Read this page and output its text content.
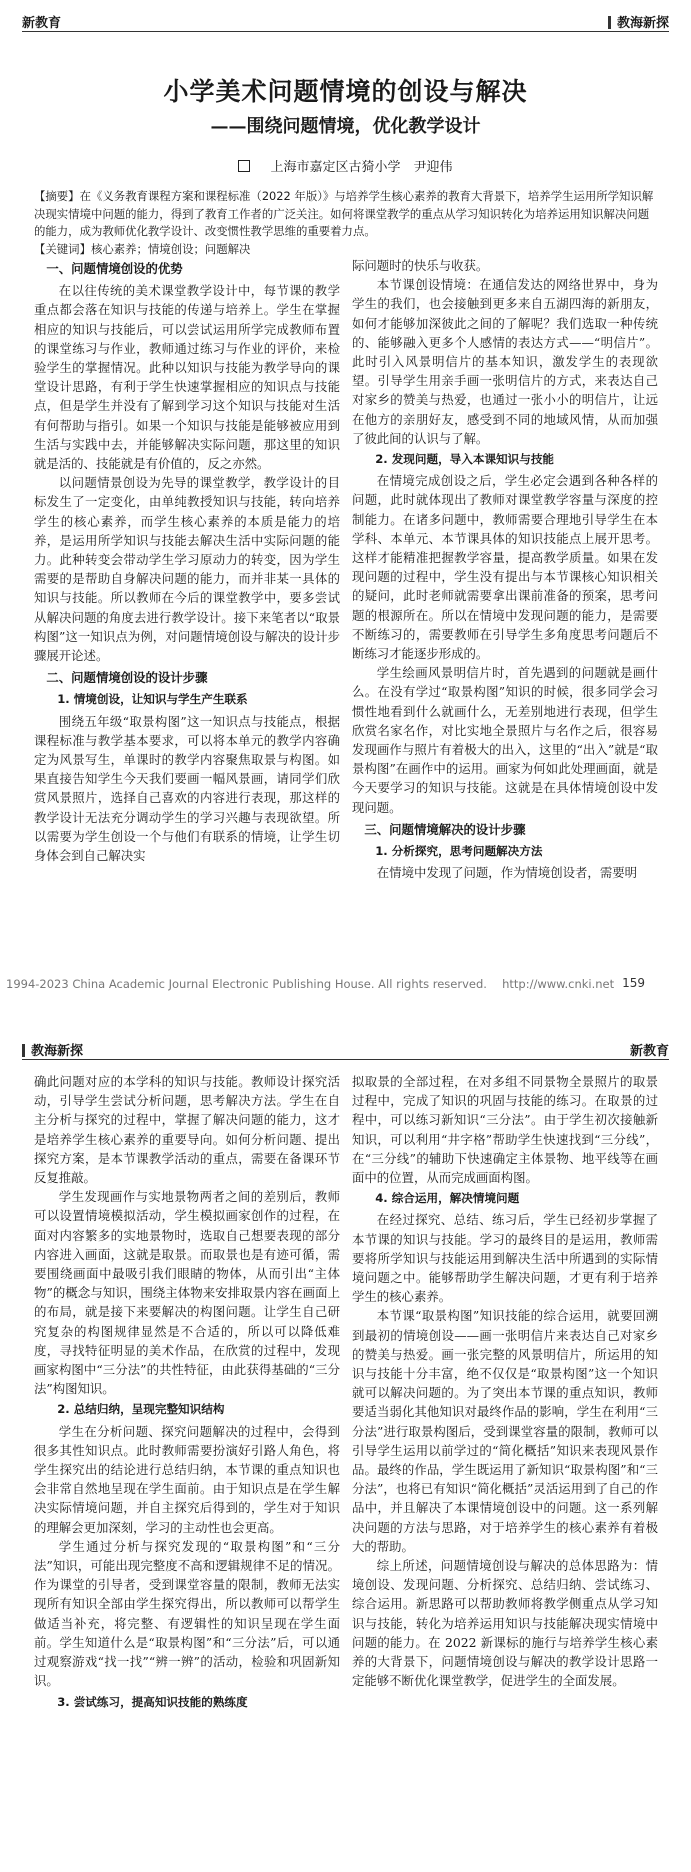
新教育	教海新探
小学美术问题情境的创设与解决
——围绕问题情境，优化教学设计
上海市嘉定区古猗小学　尹迎伟

【摘要】在《义务教育课程方案和课程标准（2022 年版）》与培养学生核心素养的教育大背景下，培养学生运用所学知识解决现实情境中问题的能力，得到了教育工作者的广泛关注。如何将课堂教学的重点从学习知识转化为培养运用知识解决问题的能力，成为教师优化教学设计、改变惯性教学思维的重要着力点。

【关键词】核心素养；情境创设；问题解决

一、问题情境创设的优势

在以往传统的美术课堂教学设计中，每节课的教学重点都会落在知识与技能的传递与培养上。学生在掌握相应的知识与技能后，可以尝试运用所学完成教师布置的课堂练习与作业，教师通过练习与作业的评价，来检验学生的掌握情况。此种以知识与技能为教学导向的课堂设计思路，有利于学生快速掌握相应的知识点与技能点，但是学生并没有了解到学习这个知识与技能对生活有何帮助与指引。如果一个知识与技能是能够被应用到生活与实践中去，并能够解决实际问题，那这里的知识就是活的、技能就是有价值的，反之亦然。

以问题情景创设为先导的课堂教学，教学设计的目标发生了一定变化，由单纯教授知识与技能，转向培养学生的核心素养，而学生核心素养的本质是能力的培养，是运用所学知识与技能去解决生活中实际问题的能力。此种转变会带动学生学习原动力的转变，因为学生需要的是帮助自身解决问题的能力，而并非某一具体的知识与技能。所以教师在今后的课堂教学中，要多尝试从解决问题的角度去进行教学设计。接下来笔者以“取景构图”这一知识点为例，对问题情境创设与解决的设计步骤展开论述。

二、问题情境创设的设计步骤

1. 情境创设，让知识与学生产生联系

围绕五年级“取景构图”这一知识点与技能点，根据课程标准与教学基本要求，可以将本单元的教学内容确定为风景写生，单课时的教学内容聚焦取景与构图。如果直接告知学生今天我们要画一幅风景画，请同学们欣赏风景照片，选择自己喜欢的内容进行表现，那这样的教学设计无法充分调动学生的学习兴趣与表现欲望。所以需要为学生创设一个与他们有联系的情境，让学生切身体会到自己解决实

际问题时的快乐与收获。

本节课创设情境：在通信发达的网络世界中，身为学生的我们，也会接触到更多来自五湖四海的新朋友，如何才能够加深彼此之间的了解呢？我们选取一种传统的、能够融入更多个人感情的表达方式——“明信片”。此时引入风景明信片的基本知识，激发学生的表现欲望。引导学生用亲手画一张明信片的方式，来表达自己对家乡的赞美与热爱，也通过一张小小的明信片，让远在他方的亲朋好友，感受到不同的地域风情，从而加强了彼此间的认识与了解。

2. 发现问题，导入本课知识与技能

在情境完成创设之后，学生必定会遇到各种各样的问题，此时就体现出了教师对课堂教学容量与深度的控制能力。在诸多问题中，教师需要合理地引导学生在本学科、本单元、本节课具体的知识技能点上展开思考。这样才能精准把握教学容量，提高教学质量。如果在发现问题的过程中，学生没有提出与本节课核心知识相关的疑问，此时老师就需要拿出课前准备的预案，思考问题的根源所在。所以在情境中发现问题的能力，是需要不断练习的，需要教师在引导学生多角度思考问题后不断练习才能逐步形成的。

学生绘画风景明信片时，首先遇到的问题就是画什么。在没有学过“取景构图”知识的时候，很多同学会习惯性地看到什么就画什么，无差别地进行表现，但学生欣赏名家名作，对比实地全景照片与名作之后，很容易发现画作与照片有着极大的出入，这里的“出入”就是“取景构图”在画作中的运用。画家为何如此处理画面，就是今天要学习的知识与技能。这就是在具体情境创设中发现问题。

三、问题情境解决的设计步骤

1. 分析探究，思考问题解决方法

在情境中发现了问题，作为情境创设者，需要明

1994-2023 China Academic Journal Electronic Publishing House. All rights reserved.　 http://www.cnki.net 159
教海新探	新教育

确此问题对应的本学科的知识与技能。教师设计探究活动，引导学生尝试分析问题，思考解决方法。学生在自主分析与探究的过程中，掌握了解决问题的能力，这才是培养学生核心素养的重要导向。如何分析问题、提出探究方案，是本节课教学活动的重点，需要在备课环节反复推敲。

学生发现画作与实地景物两者之间的差别后，教师可以设置情境模拟活动，学生模拟画家创作的过程，在面对内容繁多的实地景物时，选取自己想要表现的部分内容进入画面，这就是取景。而取景也是有迹可循，需要围绕画面中最吸引我们眼睛的物体，从而引出“主体物”的概念与知识，围绕主体物来安排取景内容在画面上的布局，就是接下来要解决的构图问题。让学生自己研究复杂的构图规律显然是不合适的，所以可以降低难度，寻找特征明显的美术作品，在欣赏的过程中，发现画家构图中“三分法”的共性特征，由此获得基础的“三分法”构图知识。

2. 总结归纳，呈现完整知识结构

学生在分析问题、探究问题解决的过程中，会得到很多其性知识点。此时教师需要扮演好引路人角色，将学生探究出的结论进行总结归纳，本节课的重点知识也会非常自然地呈现在学生面前。由于知识点是在学生解决实际情境问题，并自主探究后得到的，学生对于知识的理解会更加深刻，学习的主动性也会更高。

学生通过分析与探究发现的“取景构图”和“三分法”知识，可能出现完整度不高和逻辑规律不足的情况。作为课堂的引导者，受到课堂容量的限制，教师无法实现所有知识全部由学生探究得出，所以教师可以帮学生做适当补充，将完整、有逻辑性的知识呈现在学生面前。学生知道什么是“取景构图”和“三分法”后，可以通过观察游戏“找一找”“辨一辨”的活动，检验和巩固新知识。

3. 尝试练习，提高知识技能的熟练度

拟取景的全部过程，在对多组不同景物全景照片的取景过程中，完成了知识的巩固与技能的练习。在取景的过程中，可以练习新知识“三分法”。由于学生初次接触新知识，可以利用“井字格”帮助学生快速找到“三分线”，在“三分线”的辅助下快速确定主体景物、地平线等在画面中的位置，从而完成画面构图。

4. 综合运用，解决情境问题

在经过探究、总结、练习后，学生已经初步掌握了本节课的知识与技能。学习的最终目的是运用，教师需要将所学知识与技能运用到解决生活中所遇到的实际情境问题之中。能够帮助学生解决问题，才更有利于培养学生的核心素养。

本节课“取景构图”知识技能的综合运用，就要回溯到最初的情境创设——画一张明信片来表达自己对家乡的赞美与热爱。画一张完整的风景明信片，所运用的知识与技能十分丰富，绝不仅仅是“取景构图”这一个知识就可以解决问题的。为了突出本节课的重点知识，教师要适当弱化其他知识对最终作品的影响，学生在利用“三分法”进行取景构图后，受到课堂容量的限制，教师可以引导学生运用以前学过的“简化概括”知识来表现风景作品。最终的作品，学生既运用了新知识“取景构图”和“三分法”，也将已有知识“简化概括”灵活运用到了自己的作品中，并且解决了本课情境创设中的问题。这一系列解决问题的方法与思路，对于培养学生的核心素养有着极大的帮助。

综上所述，问题情境创设与解决的总体思路为：情境创设、发现问题、分析探究、总结归纳、尝试练习、综合运用。新思路可以帮助教师将教学侧重点从学习知识与技能，转化为培养运用知识与技能解决现实情境中问题的能力。在 2022 新课标的施行与培养学生核心素养的大背景下，问题情境创设与解决的教学设计思路一定能够不断优化课堂教学，促进学生的全面发展。
